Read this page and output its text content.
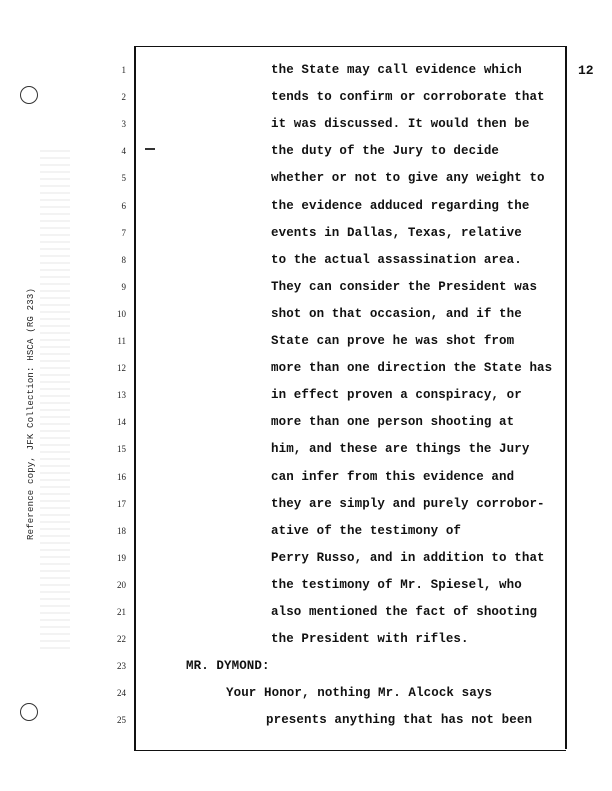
Reference copy, JFK Collection: HSCA (RG 233)
12
1
2
3
4
5
6
7
8
9
10
11
12
13
14
15
16
17
18
19
20
21
22
23
24
25
the State may call evidence which
tends to confirm or corroborate that
it was discussed. It would then be
the duty of the Jury to decide
whether or not to give any weight to
the evidence adduced regarding the
events in Dallas, Texas, relative
to the actual assassination area.
They can consider the President was
shot on that occasion, and if the
State can prove he was shot from
more than one direction the State has
in effect proven a conspiracy, or
more than one person shooting at
him, and these are things the Jury
can infer from this evidence and
they are simply and purely corrobor-
ative of the testimony of
Perry Russo, and in addition to that
the testimony of Mr. Spiesel, who
also mentioned the fact of shooting
the President with rifles.
MR. DYMOND:
Your Honor, nothing Mr. Alcock says
presents anything that has not been
